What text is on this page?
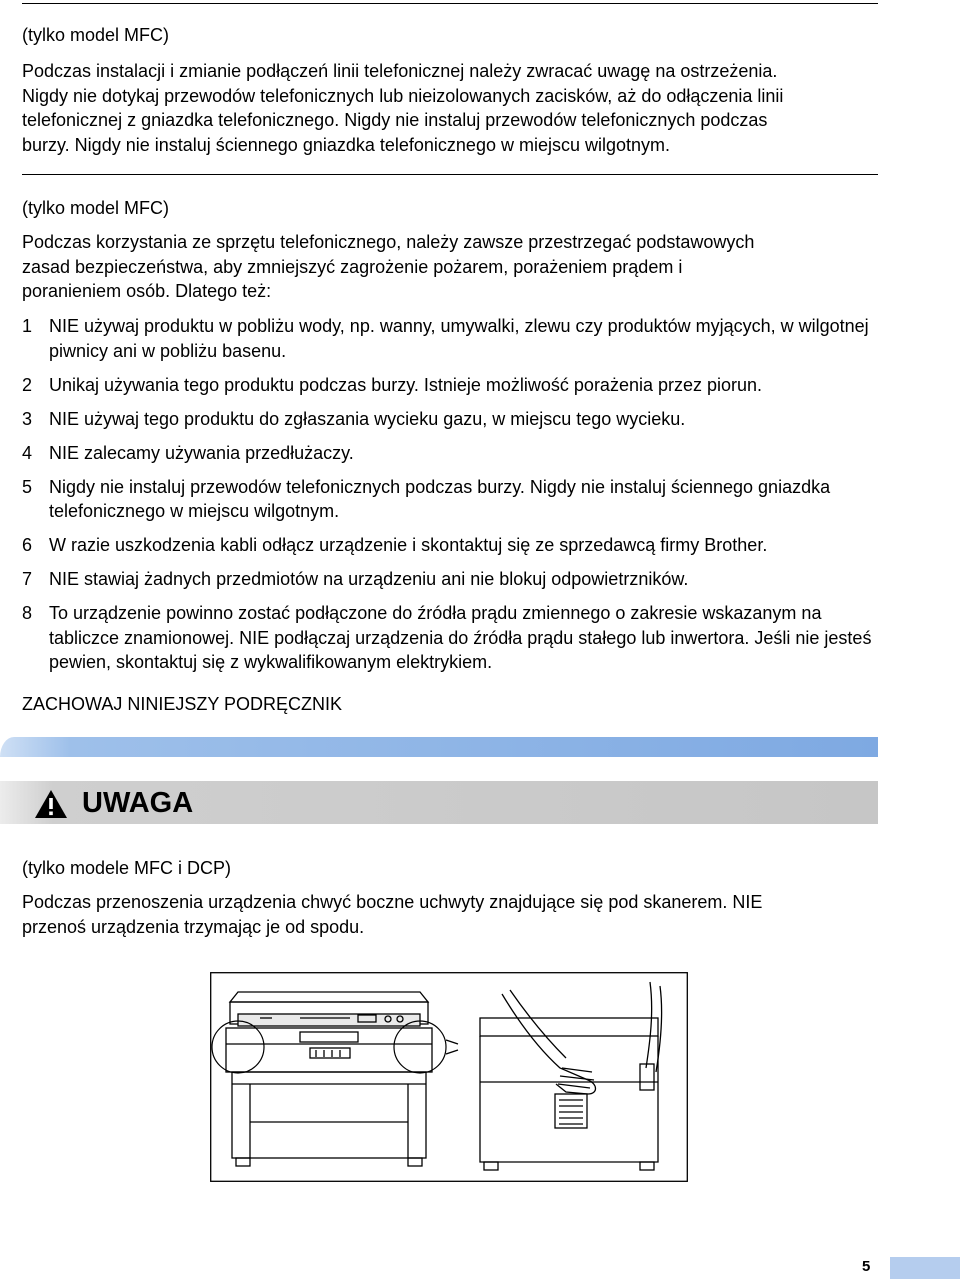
(tylko model MFC)

Podczas instalacji i zmianie podłączeń linii telefonicznej należy zwracać uwagę na ostrzeżenia.
Nigdy nie dotykaj przewodów telefonicznych lub nieizolowanych zacisków, aż do odłączenia linii
telefonicznej z gniazdka telefonicznego. Nigdy nie instaluj przewodów telefonicznych podczas
burzy. Nigdy nie instaluj ściennego gniazdka telefonicznego w miejscu wilgotnym.

(tylko model MFC)

Podczas korzystania ze sprzętu telefonicznego, należy zawsze przestrzegać podstawowych
zasad bezpieczeństwa, aby zmniejszyć zagrożenie pożarem, porażeniem prądem i
poranieniem osób. Dlatego też:
1 NIE używaj produktu w pobliżu wody, np. wanny, umywalki, zlewu czy produktów myjących, w wilgotnej piwnicy ani w pobliżu basenu.
2 Unikaj używania tego produktu podczas burzy. Istnieje możliwość porażenia przez piorun.
3 NIE używaj tego produktu do zgłaszania wycieku gazu, w miejscu tego wycieku.
4 NIE zalecamy używania przedłużaczy.
5 Nigdy nie instaluj przewodów telefonicznych podczas burzy. Nigdy nie instaluj ściennego gniazdka telefonicznego w miejscu wilgotnym.
6 W razie uszkodzenia kabli odłącz urządzenie i skontaktuj się ze sprzedawcą firmy Brother.
7 NIE stawiaj żadnych przedmiotów na urządzeniu ani nie blokuj odpowietrzników.
8 To urządzenie powinno zostać podłączone do źródła prądu zmiennego o zakresie wskazanym na tabliczce znamionowej. NIE podłączaj urządzenia do źródła prądu stałego lub inwertora. Jeśli nie jesteś pewien, skontaktuj się z wykwalifikowanym elektrykiem.

ZACHOWAJ NINIEJSZY PODRĘCZNIK

UWAGA

(tylko modele MFC i DCP)

Podczas przenoszenia urządzenia chwyć boczne uchwyty znajdujące się pod skanerem. NIE
przenoś urządzenia trzymając je od spodu.
5
